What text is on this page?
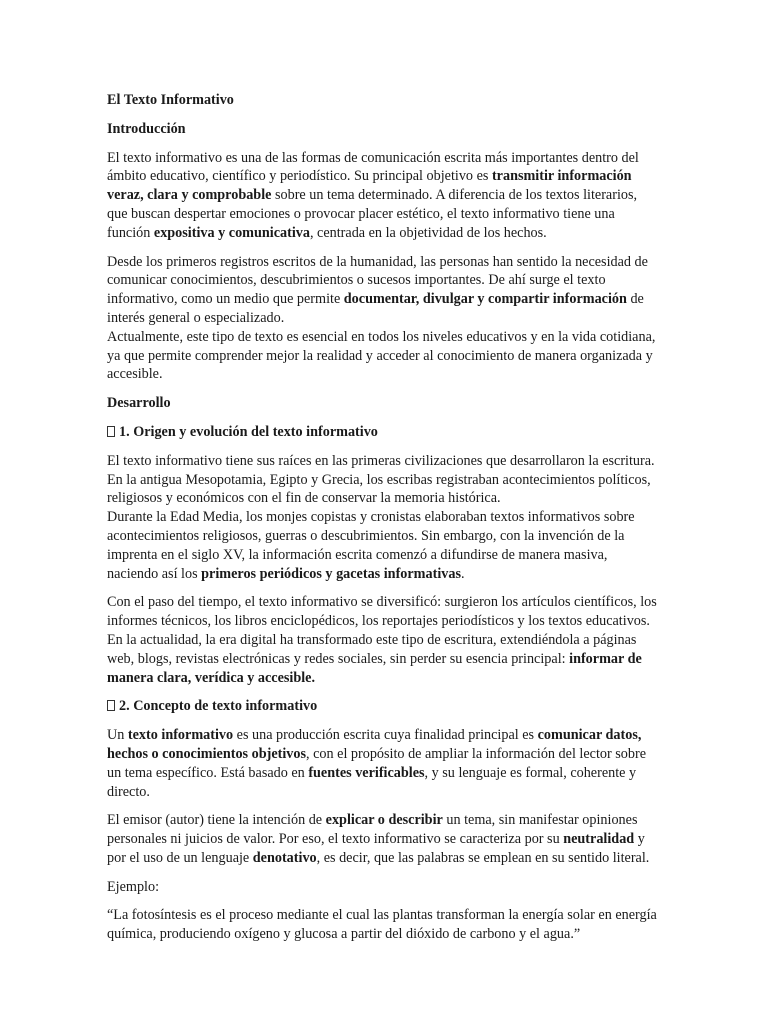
El Texto Informativo

Introducción

El texto informativo es una de las formas de comunicación escrita más importantes dentro del ámbito educativo, científico y periodístico. Su principal objetivo es transmitir información veraz, clara y comprobable sobre un tema determinado. A diferencia de los textos literarios, que buscan despertar emociones o provocar placer estético, el texto informativo tiene una función expositiva y comunicativa, centrada en la objetividad de los hechos.

Desde los primeros registros escritos de la humanidad, las personas han sentido la necesidad de comunicar conocimientos, descubrimientos o sucesos importantes. De ahí surge el texto informativo, como un medio que permite documentar, divulgar y compartir información de interés general o especializado.
Actualmente, este tipo de texto es esencial en todos los niveles educativos y en la vida cotidiana, ya que permite comprender mejor la realidad y acceder al conocimiento de manera organizada y accesible.

Desarrollo

1. Origen y evolución del texto informativo

El texto informativo tiene sus raíces en las primeras civilizaciones que desarrollaron la escritura. En la antigua Mesopotamia, Egipto y Grecia, los escribas registraban acontecimientos políticos, religiosos y económicos con el fin de conservar la memoria histórica.
Durante la Edad Media, los monjes copistas y cronistas elaboraban textos informativos sobre acontecimientos religiosos, guerras o descubrimientos. Sin embargo, con la invención de la imprenta en el siglo XV, la información escrita comenzó a difundirse de manera masiva, naciendo así los primeros periódicos y gacetas informativas.

Con el paso del tiempo, el texto informativo se diversificó: surgieron los artículos científicos, los informes técnicos, los libros enciclopédicos, los reportajes periodísticos y los textos educativos. En la actualidad, la era digital ha transformado este tipo de escritura, extendiéndola a páginas web, blogs, revistas electrónicas y redes sociales, sin perder su esencia principal: informar de manera clara, verídica y accesible.

2. Concepto de texto informativo

Un texto informativo es una producción escrita cuya finalidad principal es comunicar datos, hechos o conocimientos objetivos, con el propósito de ampliar la información del lector sobre un tema específico. Está basado en fuentes verificables, y su lenguaje es formal, coherente y directo.

El emisor (autor) tiene la intención de explicar o describir un tema, sin manifestar opiniones personales ni juicios de valor. Por eso, el texto informativo se caracteriza por su neutralidad y por el uso de un lenguaje denotativo, es decir, que las palabras se emplean en su sentido literal.

Ejemplo:

“La fotosíntesis es el proceso mediante el cual las plantas transforman la energía solar en energía química, produciendo oxígeno y glucosa a partir del dióxido de carbono y el agua.”
